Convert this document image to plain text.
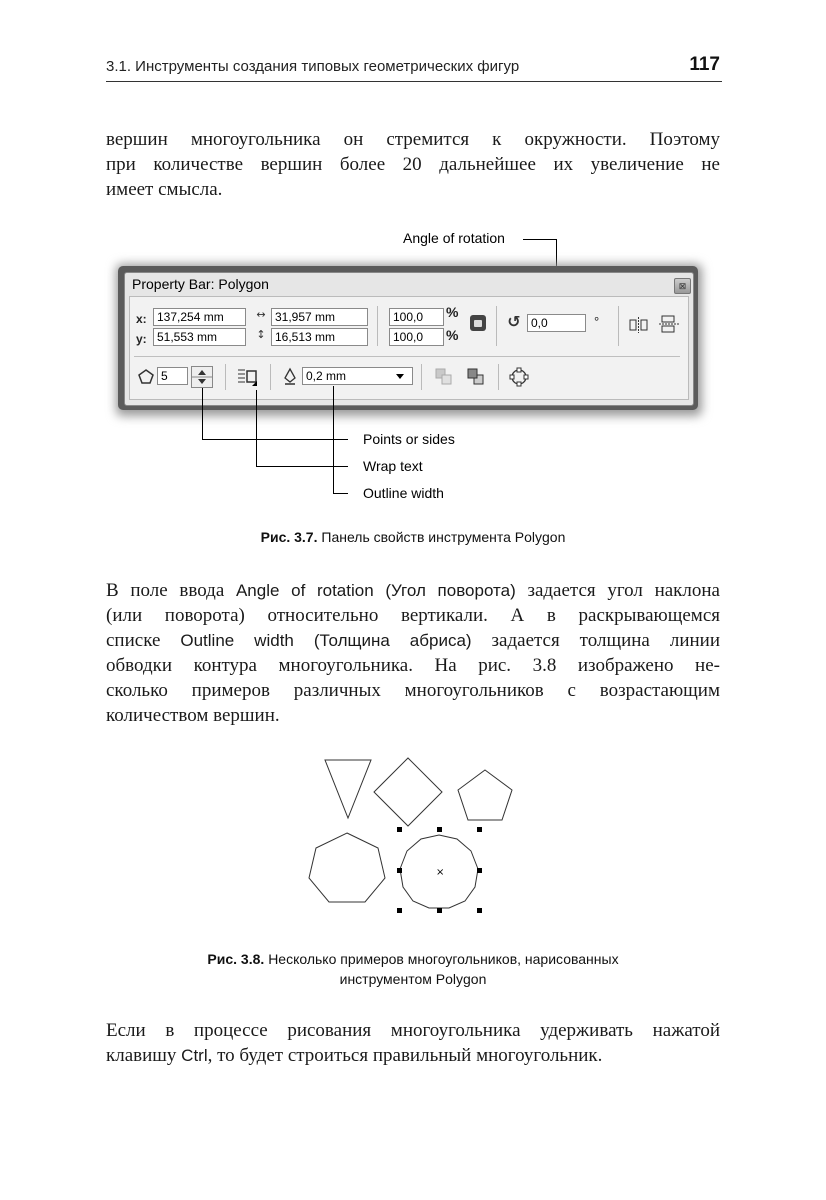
3.1. Инструменты создания типовых геометрических фигур	117
вершин многоугольника он стремится к окружности. Поэтому
при количестве вершин более 20 дальнейшее их увеличение не
имеет смысла.
Angle of rotation
Property Bar: Polygon	⊠
x: 137,254 mm
y: 51,553 mm
↔ 31,957 mm
↕ 16,513 mm
100,0
100,0
%
%
↺ 0,0	°
5	0,2 mm
Points or sides
Wrap text
Outline width
Рис. 3.7. Панель свойств инструмента Polygon
В поле ввода Angle of rotation (Угол поворота) задается угол наклона
(или поворота) относительно вертикали. А в раскрывающемся
списке Outline width (Толщина абриса) задается толщина линии
обводки контура многоугольника. На рис. 3.8 изображено не-
сколько примеров различных многоугольников с возрастающим
количеством вершин.
×
Рис. 3.8. Несколько примеров многоугольников, нарисованных
инструментом Polygon
Если в процессе рисования многоугольника удерживать нажатой
клавишу Ctrl, то будет строиться правильный многоугольник.
